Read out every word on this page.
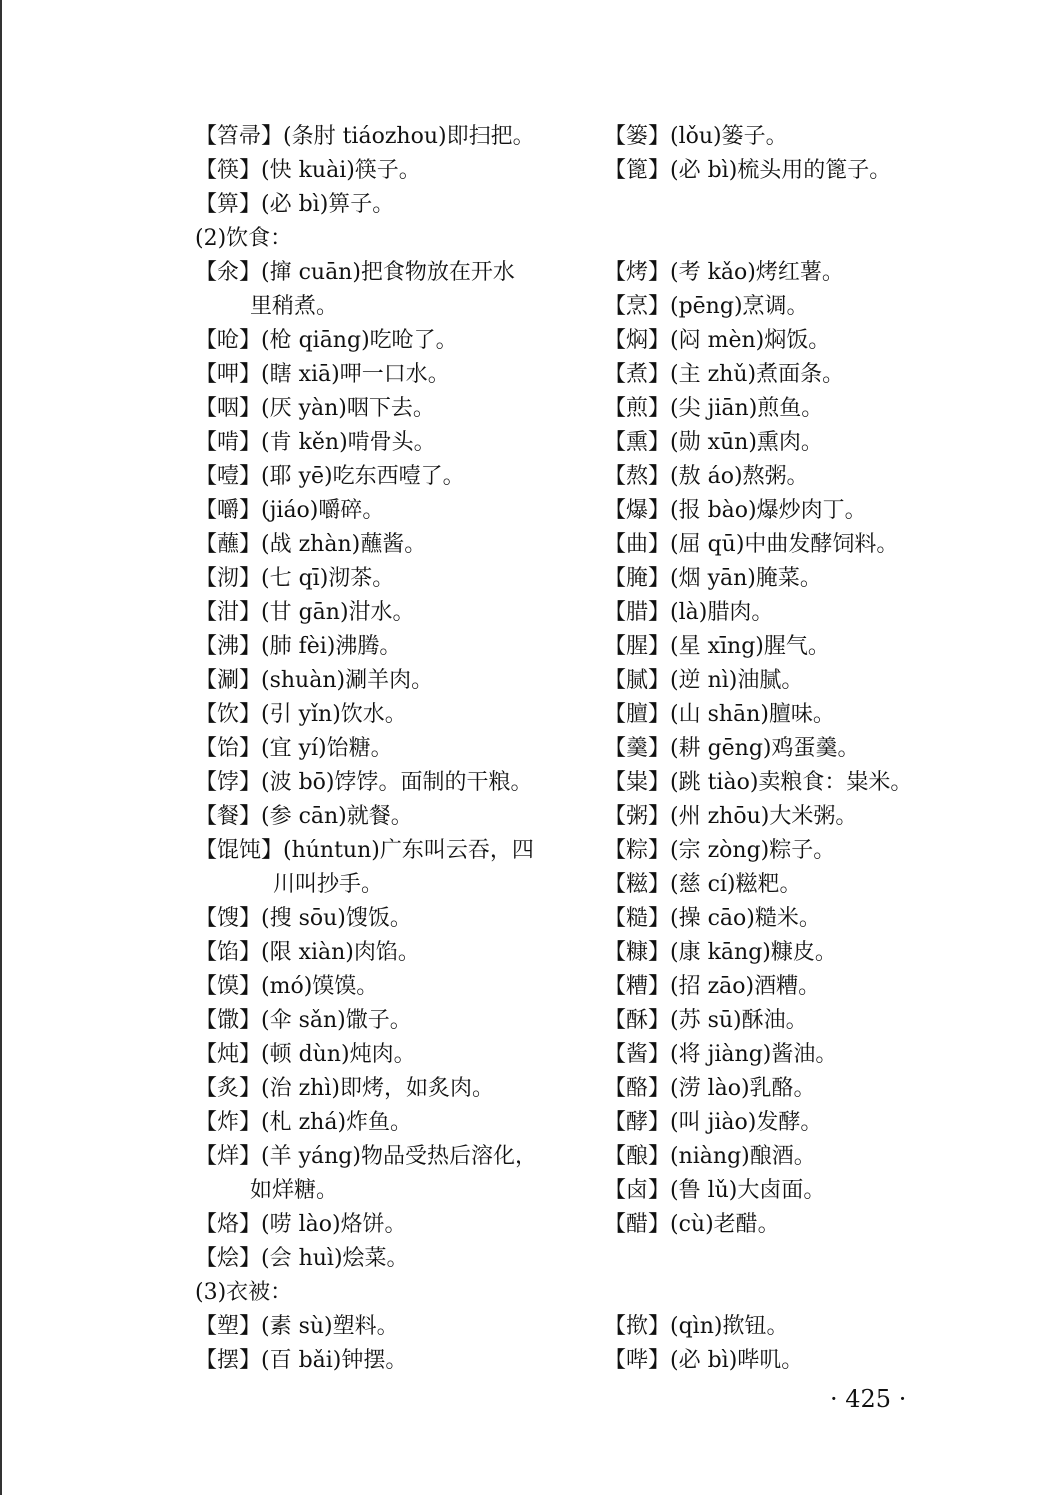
【笤帚】(条肘 tiáozhou)即扫把。
【筷】(快 kuài)筷子。
【箅】(必 bì)箅子。
(2)饮食：
【氽】(撺 cuān)把食物放在开水
里稍煮。
【呛】(枪 qiāng)吃呛了。
【呷】(瞎 xiā)呷一口水。
【咽】(厌 yàn)咽下去。
【啃】(肯 kěn)啃骨头。
【噎】(耶 yē)吃东西噎了。
【嚼】(jiáo)嚼碎。
【蘸】(战 zhàn)蘸酱。
【沏】(七 qī)沏茶。
【泔】(甘 gān)泔水。
【沸】(肺 fèi)沸腾。
【涮】(shuàn)涮羊肉。
【饮】(引 yǐn)饮水。
【饴】(宜 yí)饴糖。
【饽】(波 bō)饽饽。面制的干粮。
【餐】(参 cān)就餐。
【馄饨】(húntun)广东叫云吞，四
川叫抄手。
【馊】(搜 sōu)馊饭。
【馅】(限 xiàn)肉馅。
【馍】(mó)馍馍。
【馓】(伞 sǎn)馓子。
【炖】(顿 dùn)炖肉。
【炙】(治 zhì)即烤，如炙肉。
【炸】(札 zhá)炸鱼。
【烊】(羊 yáng)物品受热后溶化，
如烊糖。
【烙】(唠 lào)烙饼。
【烩】(会 huì)烩菜。
(3)衣被：
【塑】(素 sù)塑料。
【摆】(百 bǎi)钟摆。
【篓】(lǒu)篓子。
【篦】(必 bì)梳头用的篦子。
【烤】(考 kǎo)烤红薯。
【烹】(pēng)烹调。
【焖】(闷 mèn)焖饭。
【煮】(主 zhǔ)煮面条。
【煎】(尖 jiān)煎鱼。
【熏】(勋 xūn)熏肉。
【熬】(敖 áo)熬粥。
【爆】(报 bào)爆炒肉丁。
【曲】(屈 qū)中曲发酵饲料。
【腌】(烟 yān)腌菜。
【腊】(là)腊肉。
【腥】(星 xīng)腥气。
【腻】(逆 nì)油腻。
【膻】(山 shān)膻味。
【羹】(耕 gēng)鸡蛋羹。
【粜】(跳 tiào)卖粮食：粜米。
【粥】(州 zhōu)大米粥。
【粽】(宗 zòng)粽子。
【糍】(慈 cí)糍粑。
【糙】(操 cāo)糙米。
【糠】(康 kāng)糠皮。
【糟】(招 zāo)酒糟。
【酥】(苏 sū)酥油。
【酱】(将 jiàng)酱油。
【酪】(涝 lào)乳酪。
【酵】(叫 jiào)发酵。
【酿】(niàng)酿酒。
【卤】(鲁 lǔ)大卤面。
【醋】(cù)老醋。
【揿】(qìn)揿钮。
【哔】(必 bì)哔叽。
· 425 ·
